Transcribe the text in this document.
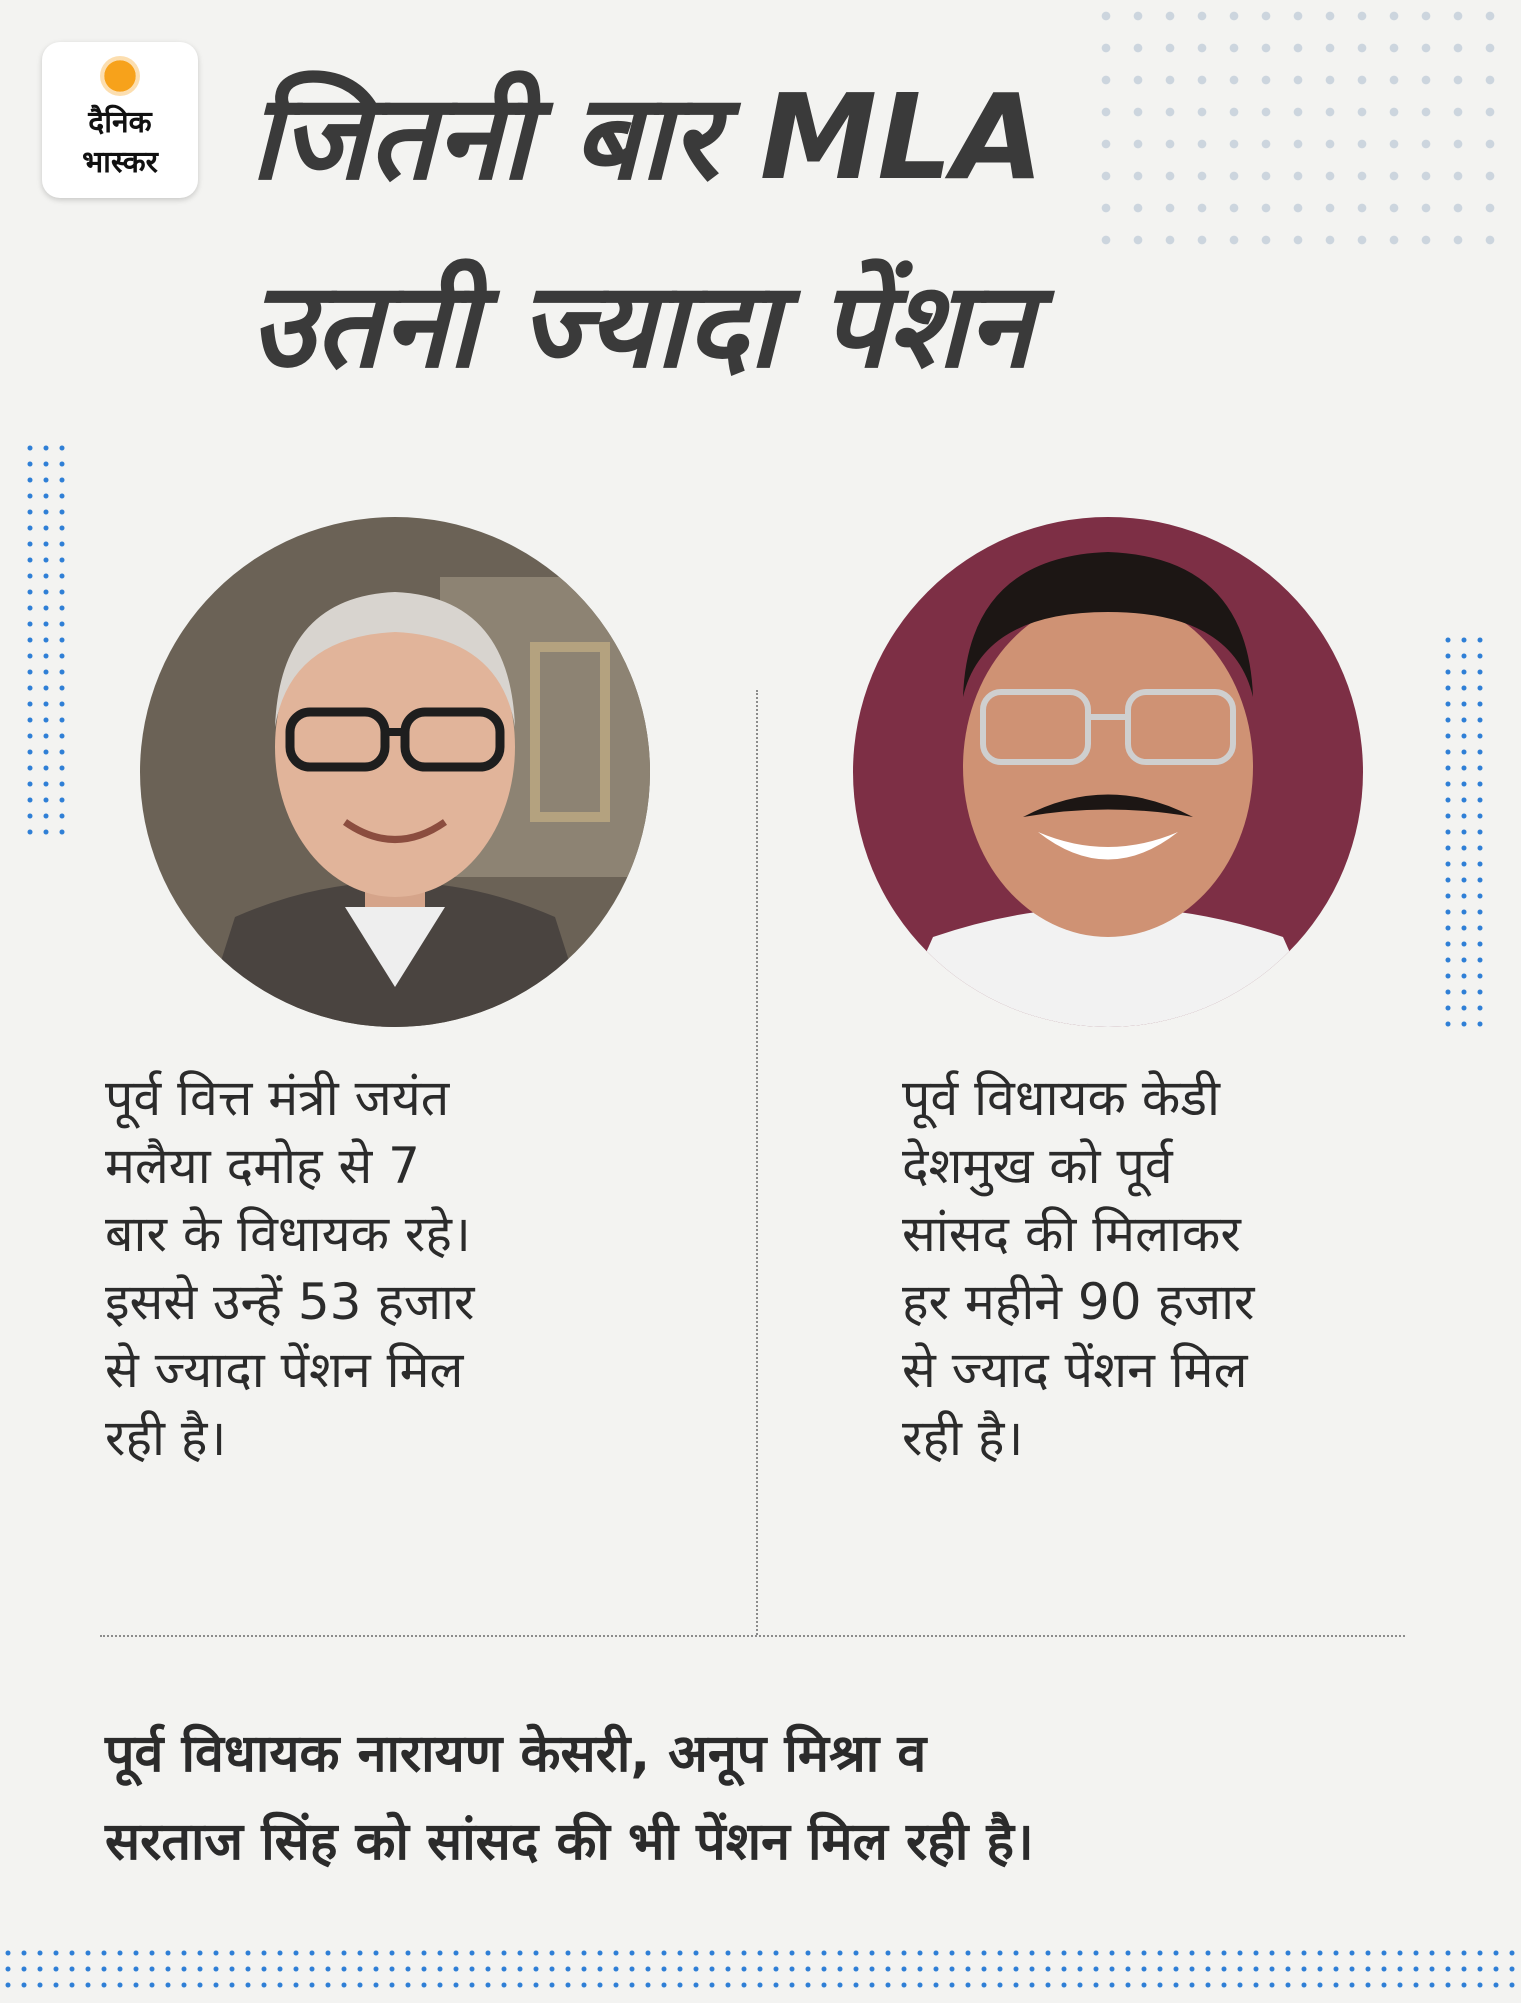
दैनिक
भास्कर जितनी बार MLA
उतनी ज्यादा पेंशन
पूर्व वित्त मंत्री जयंत
मलैया दमोह से 7
बार के विधायक रहे।
इससे उन्हें 53 हजार
से ज्यादा पेंशन मिल
रही है।
पूर्व विधायक केडी
देशमुख को पूर्व
सांसद की मिलाकर
हर महीने 90 हजार
से ज्याद पेंशन मिल
रही है।
पूर्व विधायक नारायण केसरी, अनूप मिश्रा व
सरताज सिंह को सांसद की भी पेंशन मिल रही है।
